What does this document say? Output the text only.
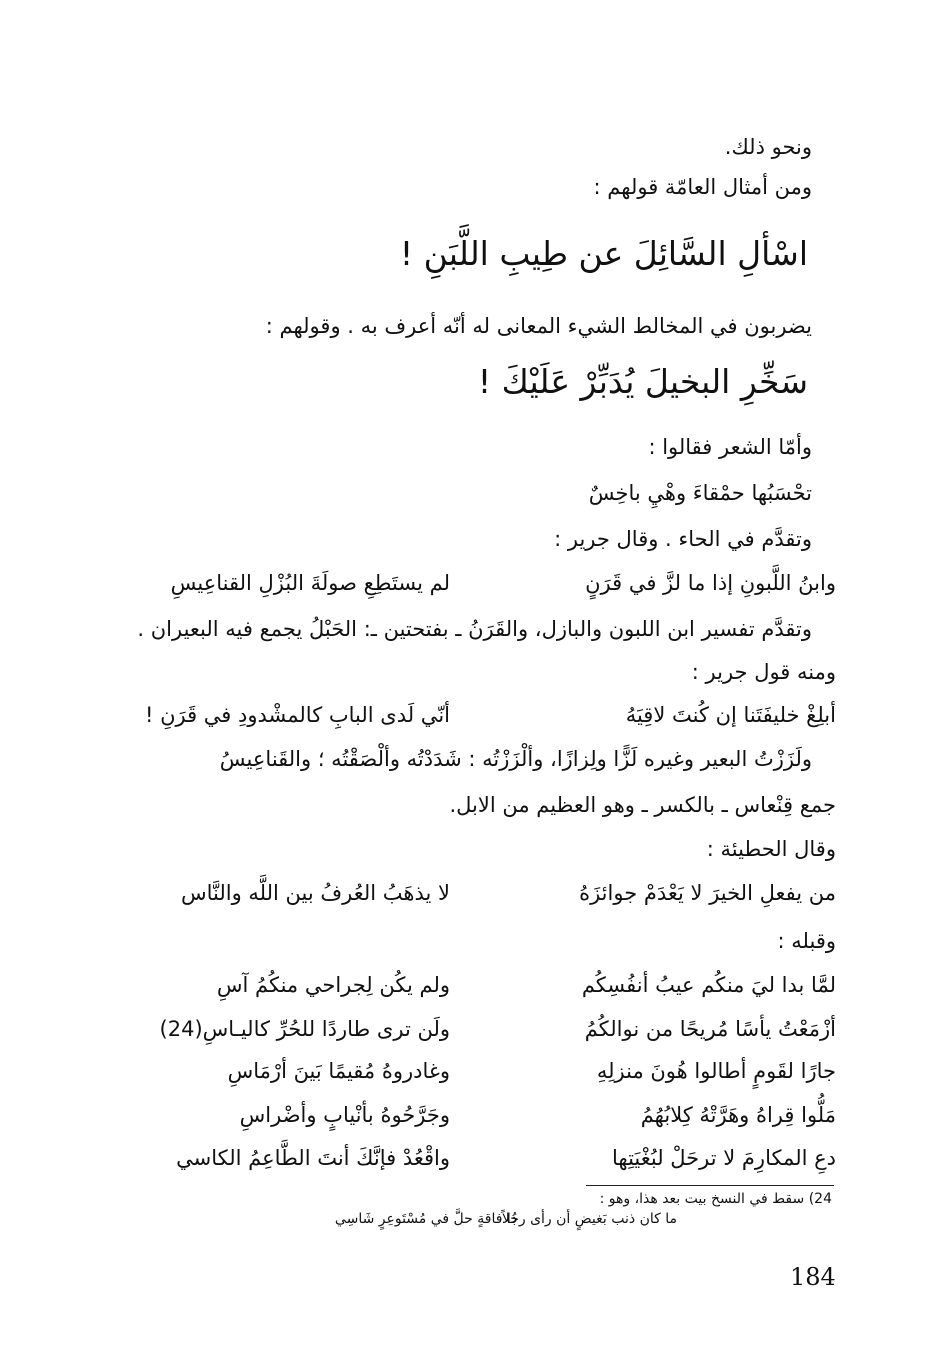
ونحو ذلك.
ومن أمثال العامّة قولهم :
اسْألِ السَّائِلَ عن طِيبِ اللَّبَنِ !
يضربون في المخالط الشيء المعانى له أنّه أعرف به . وقولهم :
سَخِّرِ البخيلَ يُدَبِّرْ عَلَيْكَ !
وأمّا الشعر فقالوا :
تحْسَبُها حمْقاءَ وهْيِ باخِسٌ
وتقدَّم في الحاء . وقال جرير :
وابنُ اللَّبونِ إذا ما لزَّ في قَرَنٍ
لم يستَطِعِ صولَةَ البُزْلِ القناعِيسِ
وتقدَّم تفسير ابن اللبون والبازل، والقَرَنُ ـ بفتحتين ـ: الحَبْلُ يجمع فيه البعيران .
ومنه قول جرير :
أبلِغْ خليفَتَنا إن كُنتَ لاقِيَهُ
أنّي لَدى البابِ كالمشْدودِ في قَرَنِ !
ولَزَزْتُ البعير وغيره لَزًّا ولِزازًا، وألْزَزْتُه : شَدَدْتُه وألْصَقْتُه ؛ والقَناعِيسُ
جمع قِنْعاس ـ بالكسر ـ وهو العظيم من الابل.
وقال الحطيئة :
من يفعلِ الخيرَ لا يَعْدَمْ جوائزَهُ
لا يذهَبُ العُرفُ بين اللَّه والنَّاس
وقبله :
لمَّا بدا ليَ منكُم عيبُ أنفُسِكُم
ولم يكُن لِجراحي منكُمُ آسِ
أزْمَعْتُ يأسًا مُريحًا من نوالكُمُ
ولَن ترى طاردًا للحُرِّ كاليـاسِ(24)
جارًا لقَومٍ أطالوا هُونَ منزلِهِ
وغادروهُ مُقيمًا بَينَ أرْمَاسِ
مَلُّوا قِراهُ وهَرَّتْهُ كِلابُهُمُ
وجَرَّحُوهُ بأنْيابٍ وأضْراسِ
دعِ المكارِمَ لا ترحَلْ لبُغْيَتِها
واقْعُدْ فإنَّكَ أنتَ الطَّاعِمُ الكاسي
24) سقط في النسخ بيت بعد هذا، وهو :
ما كان ذنب بَغيضٍ أن رأى رجُلاً
ذا فاقةٍ حلَّ في مُسْتَوعِرٍ شَاسِي
184
